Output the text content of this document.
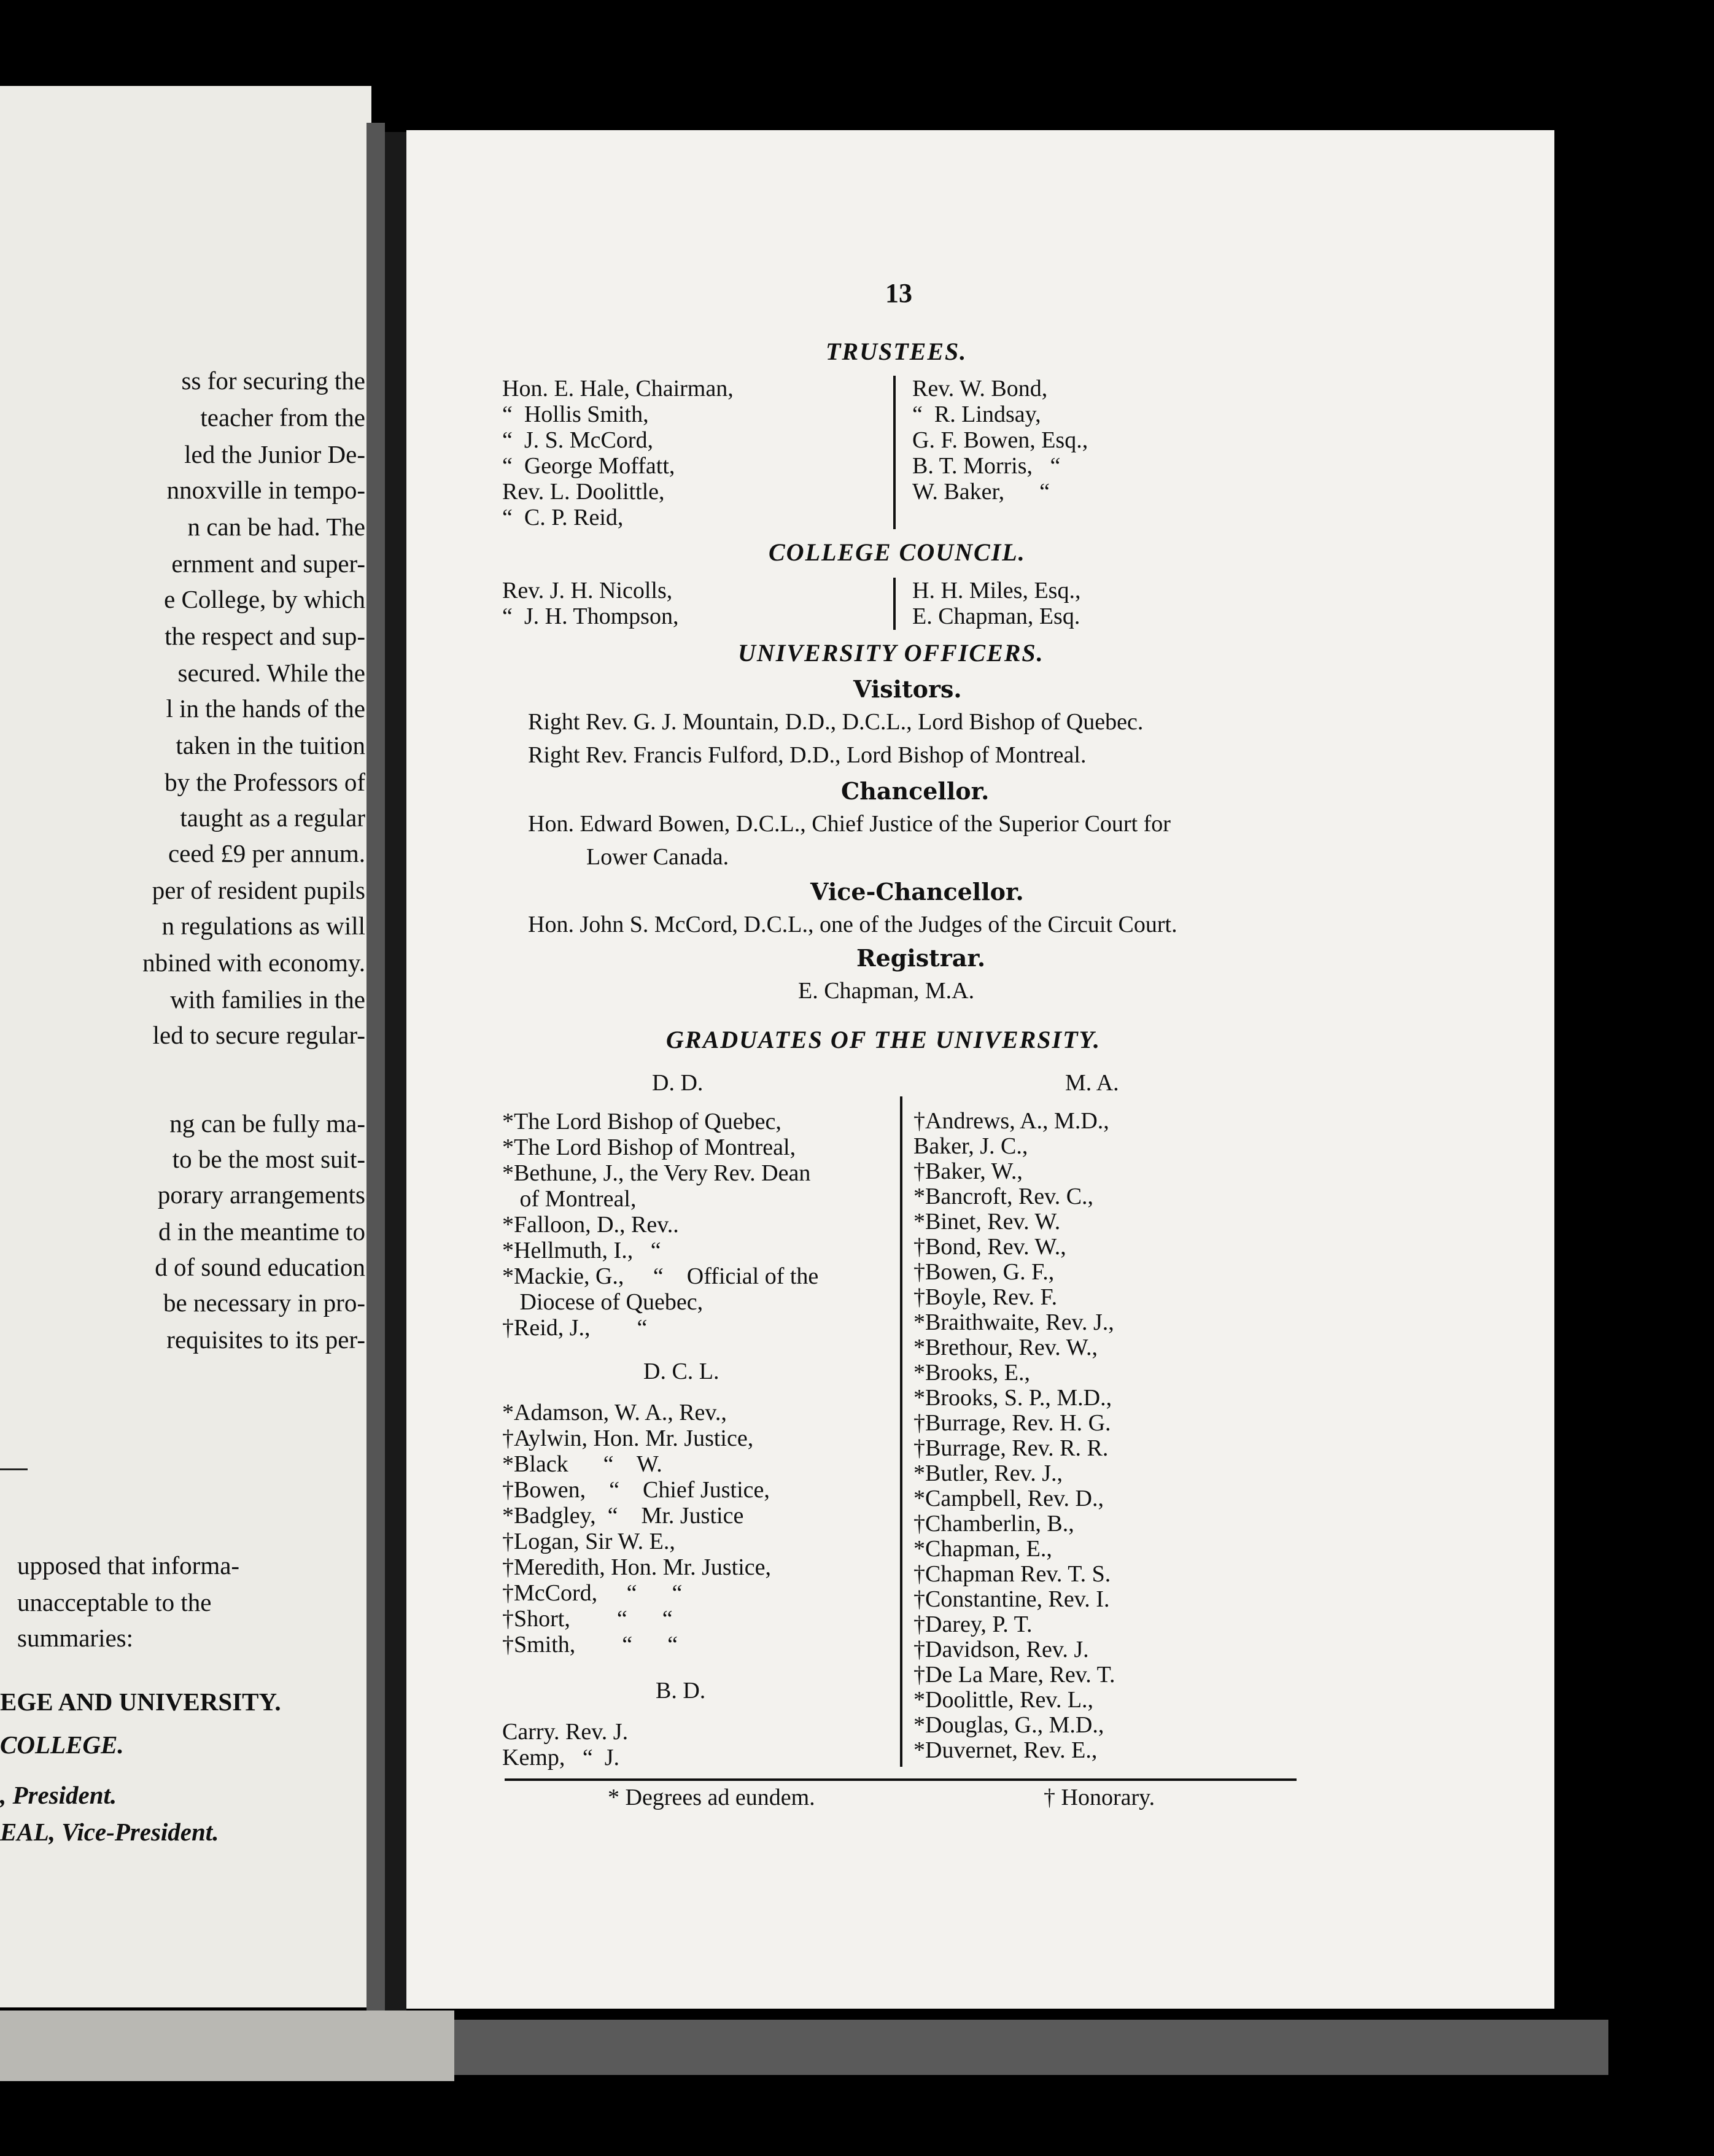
ss for securing the
teacher from the
led the Junior De-
nnoxville in tempo-
n can be had. The
ernment and super-
e College, by which
the respect and sup-
secured. While the
l in the hands of the
taken in the tuition
by the Professors of
taught as a regular
ceed £9 per annum.
per of resident pupils
n regulations as will
nbined with economy.
with families in the
led to secure regular-
ng can be fully ma-
to be the most suit-
porary arrangements
d in the meantime to
d of sound education
be necessary in pro-
requisites to its per-
upposed that informa-
unacceptable to the
summaries:
EGE AND UNIVERSITY.
COLLEGE.
, President.
EAL, Vice-President.
13
TRUSTEES.
Hon. E. Hale, Chairman,
“  Hollis Smith,
“  J. S. McCord,
“  George Moffatt,
Rev. L. Doolittle,
“  C. P. Reid,
Rev. W. Bond,
“  R. Lindsay,
G. F. Bowen, Esq.,
B. T. Morris,   “
W. Baker,      “
COLLEGE COUNCIL.
Rev. J. H. Nicolls,
“  J. H. Thompson,
H. H. Miles, Esq.,
E. Chapman, Esq.
UNIVERSITY OFFICERS.
Visitors.
Right Rev. G. J. Mountain, D.D., D.C.L., Lord Bishop of Quebec.
Right Rev. Francis Fulford, D.D., Lord Bishop of Montreal.
Chancellor.
Hon. Edward Bowen, D.C.L., Chief Justice of the Superior Court for
Lower Canada.
Vice-Chancellor.
Hon. John S. McCord, D.C.L., one of the Judges of the Circuit Court.
Registrar.
E. Chapman, M.A.
GRADUATES OF THE UNIVERSITY.
D. D.	M. A.
*The Lord Bishop of Quebec,
*The Lord Bishop of Montreal,
*Bethune, J., the Very Rev. Dean
of Montreal,
*Falloon, D., Rev..
*Hellmuth, I.,   “
*Mackie, G.,     “    Official of the
Diocese of Quebec,
†Reid, J.,        “
D. C. L.
*Adamson, W. A., Rev.,
†Aylwin, Hon. Mr. Justice,
*Black      “    W.
†Bowen,    “    Chief Justice,
*Badgley,  “    Mr. Justice
†Logan, Sir W. E.,
†Meredith, Hon. Mr. Justice,
†McCord,     “      “
†Short,        “      “
†Smith,        “      “
B. D.
Carry. Rev. J.
Kemp,   “  J.
†Andrews, A., M.D.,
Baker, J. C.,
†Baker, W.,
*Bancroft, Rev. C.,
*Binet, Rev. W.
†Bond, Rev. W.,
†Bowen, G. F.,
†Boyle, Rev. F.
*Braithwaite, Rev. J.,
*Brethour, Rev. W.,
*Brooks, E.,
*Brooks, S. P., M.D.,
†Burrage, Rev. H. G.
†Burrage, Rev. R. R.
*Butler, Rev. J.,
*Campbell, Rev. D.,
†Chamberlin, B.,
*Chapman, E.,
†Chapman Rev. T. S.
†Constantine, Rev. I.
†Darey, P. T.
†Davidson, Rev. J.
†De La Mare, Rev. T.
*Doolittle, Rev. L.,
*Douglas, G., M.D.,
*Duvernet, Rev. E.,
* Degrees ad eundem.	† Honorary.
